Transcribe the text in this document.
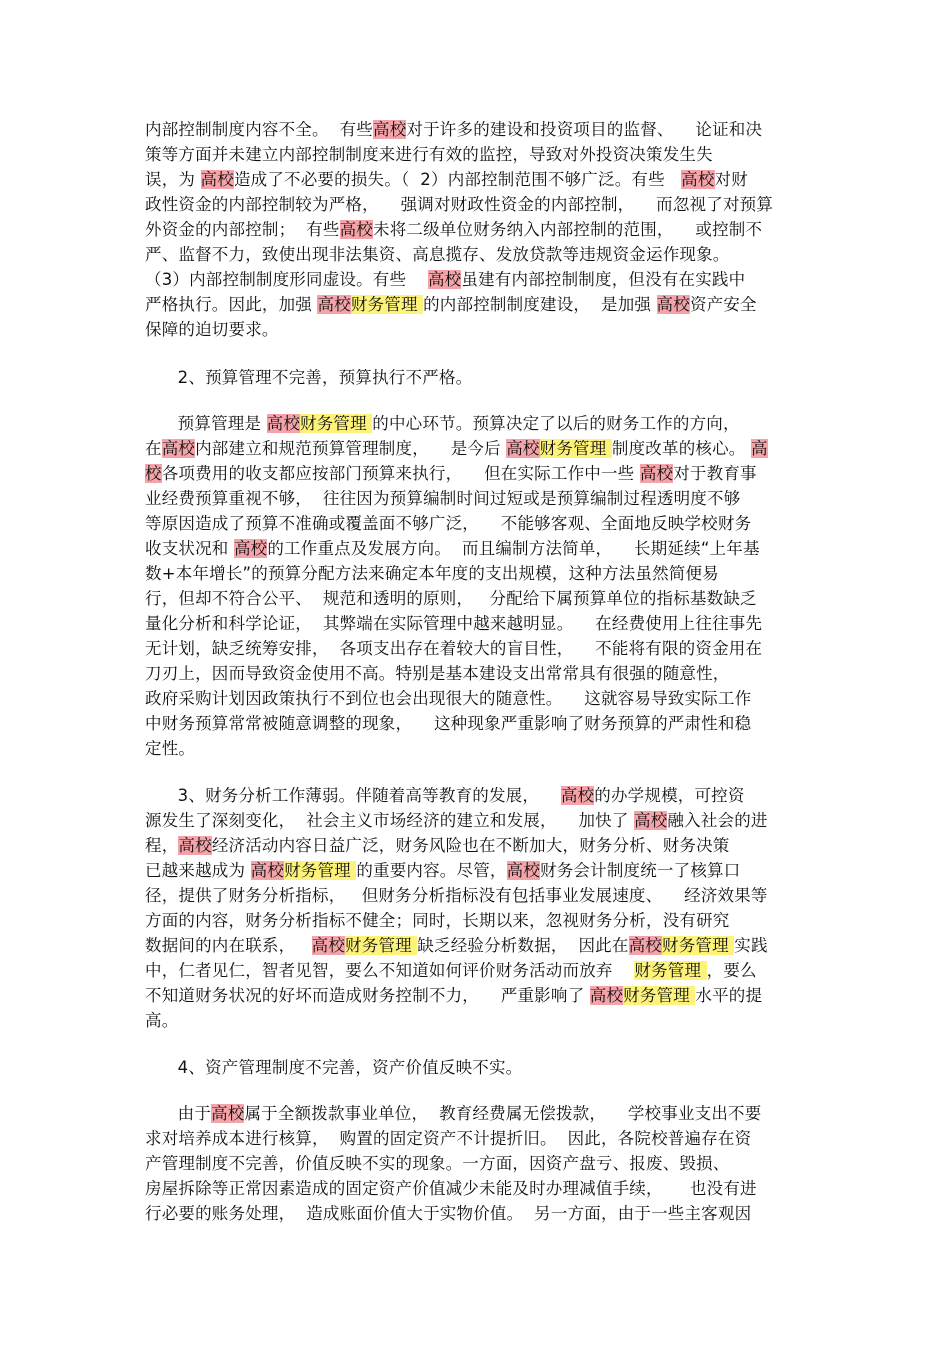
内部控制制度内容不全。  有些高校对于许多的建设和投资项目的监督、    论证和决
策等方面并未建立内部控制制度来进行有效的监控，导致对外投资决策发生失
误，为 高校造成了不必要的损失。（  2）内部控制范围不够广泛。有些   高校对财
政性资金的内部控制较为严格，    强调对财政性资金的内部控制，    而忽视了对预算
外资金的内部控制；  有些高校未将二级单位财务纳入内部控制的范围，    或控制不
严、监督不力，致使出现非法集资、高息揽存、发放贷款等违规资金运作现象。
（3）内部控制制度形同虚设。有些    高校虽建有内部控制制度，但没有在实践中
严格执行。因此，加强 高校财务管理 的内部控制制度建设，  是加强 高校资产安全
保障的迫切要求。
2、预算管理不完善，预算执行不严格。
预算管理是 高校财务管理 的中心环节。预算决定了以后的财务工作的方向，
在高校内部建立和规范预算管理制度，    是今后 高校财务管理 制度改革的核心。 高
校各项费用的收支都应按部门预算来执行，    但在实际工作中一些 高校对于教育事
业经费预算重视不够，  往往因为预算编制时间过短或是预算编制过程透明度不够
等原因造成了预算不准确或覆盖面不够广泛，    不能够客观、全面地反映学校财务
收支状况和 高校的工作重点及发展方向。  而且编制方法简单，    长期延续“上年基
数+本年增长”的预算分配方法来确定本年度的支出规模，这种方法虽然简便易
行，但却不符合公平、  规范和透明的原则，   分配给下属预算单位的指标基数缺乏
量化分析和科学论证，  其弊端在实际管理中越来越明显。    在经费使用上往往事先
无计划，缺乏统筹安排，  各项支出存在着较大的盲目性，    不能将有限的资金用在
刀刃上，因而导致资金使用不高。特别是基本建设支出常常具有很强的随意性，
政府采购计划因政策执行不到位也会出现很大的随意性。    这就容易导致实际工作
中财务预算常常被随意调整的现象，    这种现象严重影响了财务预算的严肃性和稳
定性。
3、财务分析工作薄弱。伴随着高等教育的发展，    高校的办学规模，可控资
源发生了深刻变化，  社会主义市场经济的建立和发展，    加快了 高校融入社会的进
程，高校经济活动内容日益广泛，财务风险也在不断加大，财务分析、财务决策
已越来越成为 高校财务管理 的重要内容。尽管，高校财务会计制度统一了核算口
径，提供了财务分析指标，   但财务分析指标没有包括事业发展速度、    经济效果等
方面的内容，财务分析指标不健全；同时，长期以来，忽视财务分析，没有研究
数据间的内在联系，   高校财务管理 缺乏经验分析数据，  因此在高校财务管理 实践
中，仁者见仁，智者见智，要么不知道如何评价财务活动而放弃    财务管理 ，要么
不知道财务状况的好坏而造成财务控制不力，    严重影响了 高校财务管理 水平的提
高。
4、资产管理制度不完善，资产价值反映不实。
由于高校属于全额拨款事业单位，  教育经费属无偿拨款，    学校事业支出不要
求对培养成本进行核算，  购置的固定资产不计提折旧。  因此，各院校普遍存在资
产管理制度不完善，价值反映不实的现象。一方面，因资产盘亏、报废、毁损、
房屋拆除等正常因素造成的固定资产价值减少未能及时办理减值手续，     也没有进
行必要的账务处理，  造成账面价值大于实物价值。  另一方面，由于一些主客观因
